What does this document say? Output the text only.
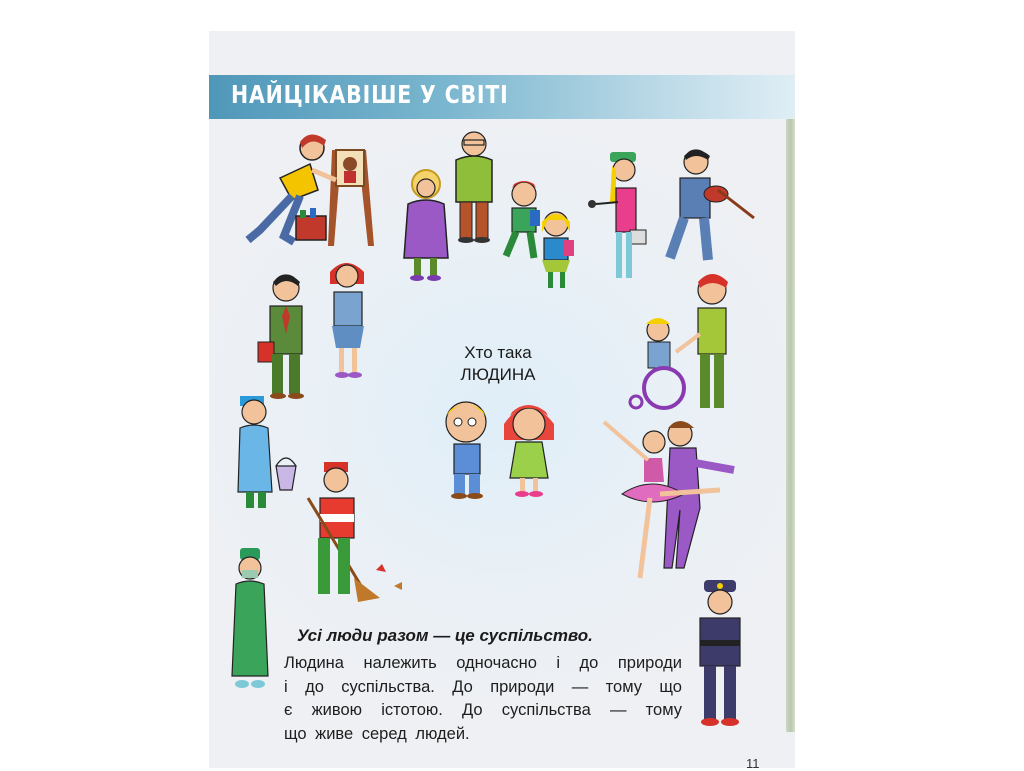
НАЙЦІКАВІШЕ У СВІТІ
Хто така
ЛЮДИНА
Усі люди разом — це суспільство.
Людина належить одночасно і до природи
і до суспільства. До природи — тому що
є живою істотою. До суспільства — тому
що живе серед людей.
11
